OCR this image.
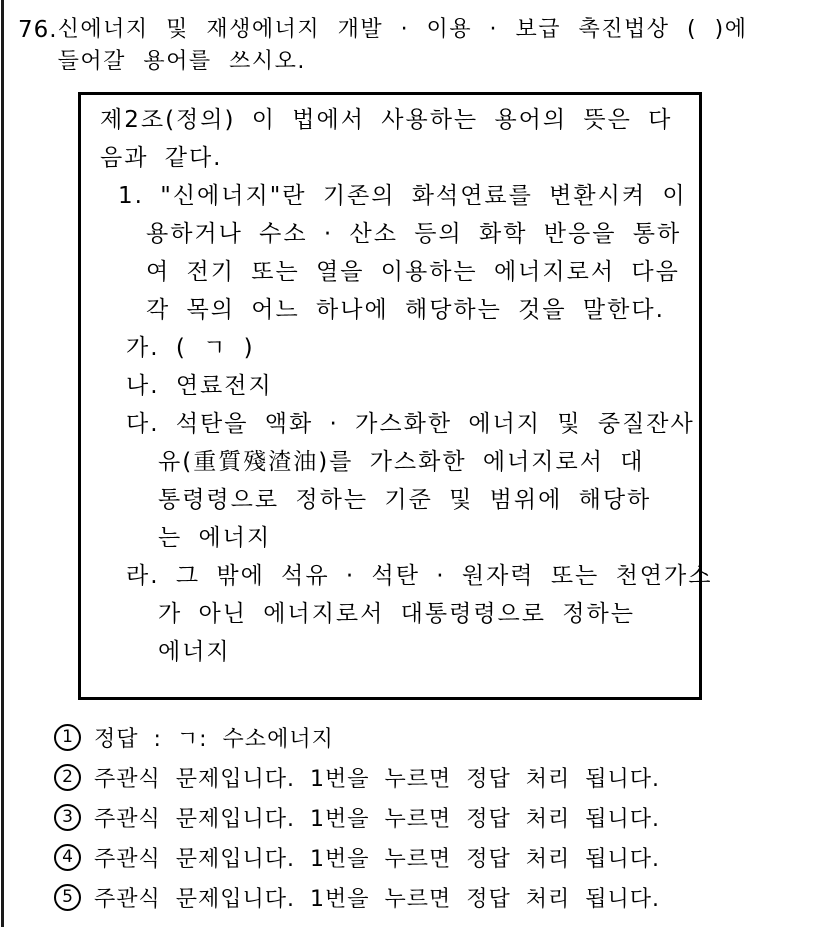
76. 신에너지 및 재생에너지 개발 · 이용 · 보급 촉진법상 ( )에
들어갈 용어를 쓰시오.
제2조(정의) 이 법에서 사용하는 용어의 뜻은 다
음과 같다.
1. "신에너지"란 기존의 화석연료를 변환시켜 이
용하거나 수소 · 산소 등의 화학 반응을 통하
여 전기 또는 열을 이용하는 에너지로서 다음
각 목의 어느 하나에 해당하는 것을 말한다.
가. ( ㄱ )
나. 연료전지
다. 석탄을 액화 · 가스화한 에너지 및 중질잔사
유(重質殘渣油)를 가스화한 에너지로서 대
통령령으로 정하는 기준 및 범위에 해당하
는 에너지
라. 그 밖에 석유 · 석탄 · 원자력 또는 천연가스
가 아닌 에너지로서 대통령령으로 정하는
에너지
1 정답 : ㄱ: 수소에너지
2 주관식 문제입니다. 1번을 누르면 정답 처리 됩니다.
3 주관식 문제입니다. 1번을 누르면 정답 처리 됩니다.
4 주관식 문제입니다. 1번을 누르면 정답 처리 됩니다.
5 주관식 문제입니다. 1번을 누르면 정답 처리 됩니다.
